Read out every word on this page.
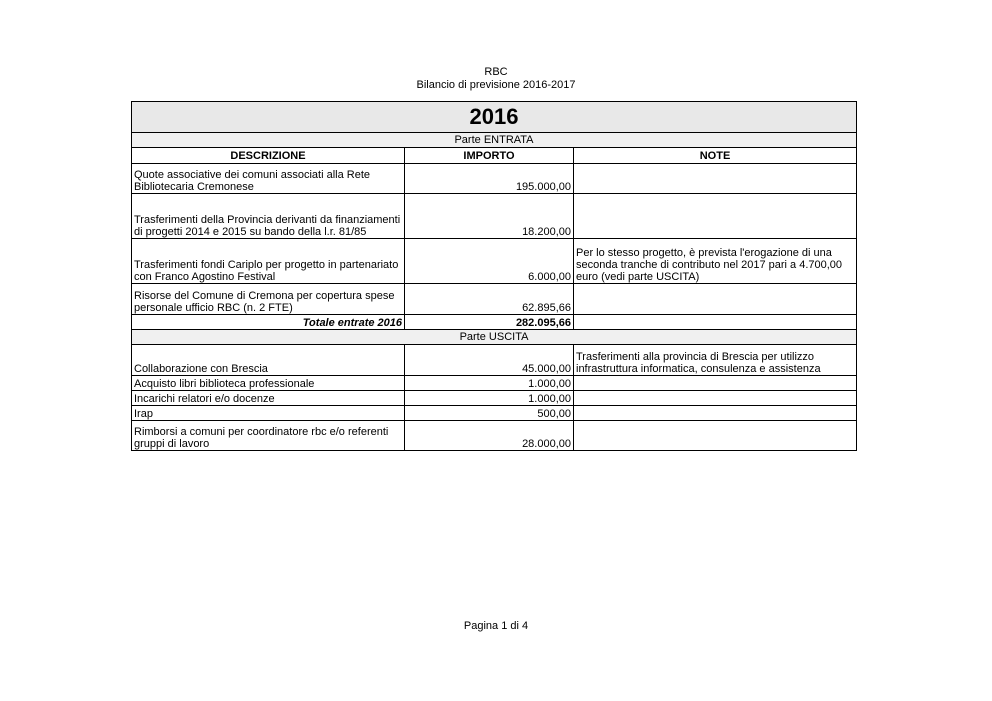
RBC
Bilancio di previsione 2016-2017
2016		
Parte ENTRATA		
DESCRIZIONE	IMPORTO	NOTE
Quote associative dei comuni associati alla Rete Bibliotecaria Cremonese	195.000,00	
Trasferimenti della Provincia derivanti da finanziamenti di progetti 2014 e 2015 su bando della l.r. 81/85	18.200,00	
Trasferimenti fondi Cariplo per progetto in partenariato con Franco Agostino Festival	6.000,00	Per lo stesso progetto, è prevista l'erogazione di una seconda tranche di contributo nel 2017 pari a 4.700,00 euro (vedi parte USCITA)
Risorse del Comune di Cremona per copertura spese personale ufficio RBC (n. 2 FTE)	62.895,66	
Totale entrate 2016	282.095,66	
Parte USCITA		
Collaborazione con Brescia	45.000,00	Trasferimenti alla provincia di Brescia per utilizzo infrastruttura informatica, consulenza e assistenza
Acquisto libri biblioteca professionale	1.000,00	
Incarichi relatori e/o docenze	1.000,00	
Irap	500,00	
Rimborsi a comuni per coordinatore rbc e/o referenti gruppi di lavoro	28.000,00	
Pagina 1 di 4
